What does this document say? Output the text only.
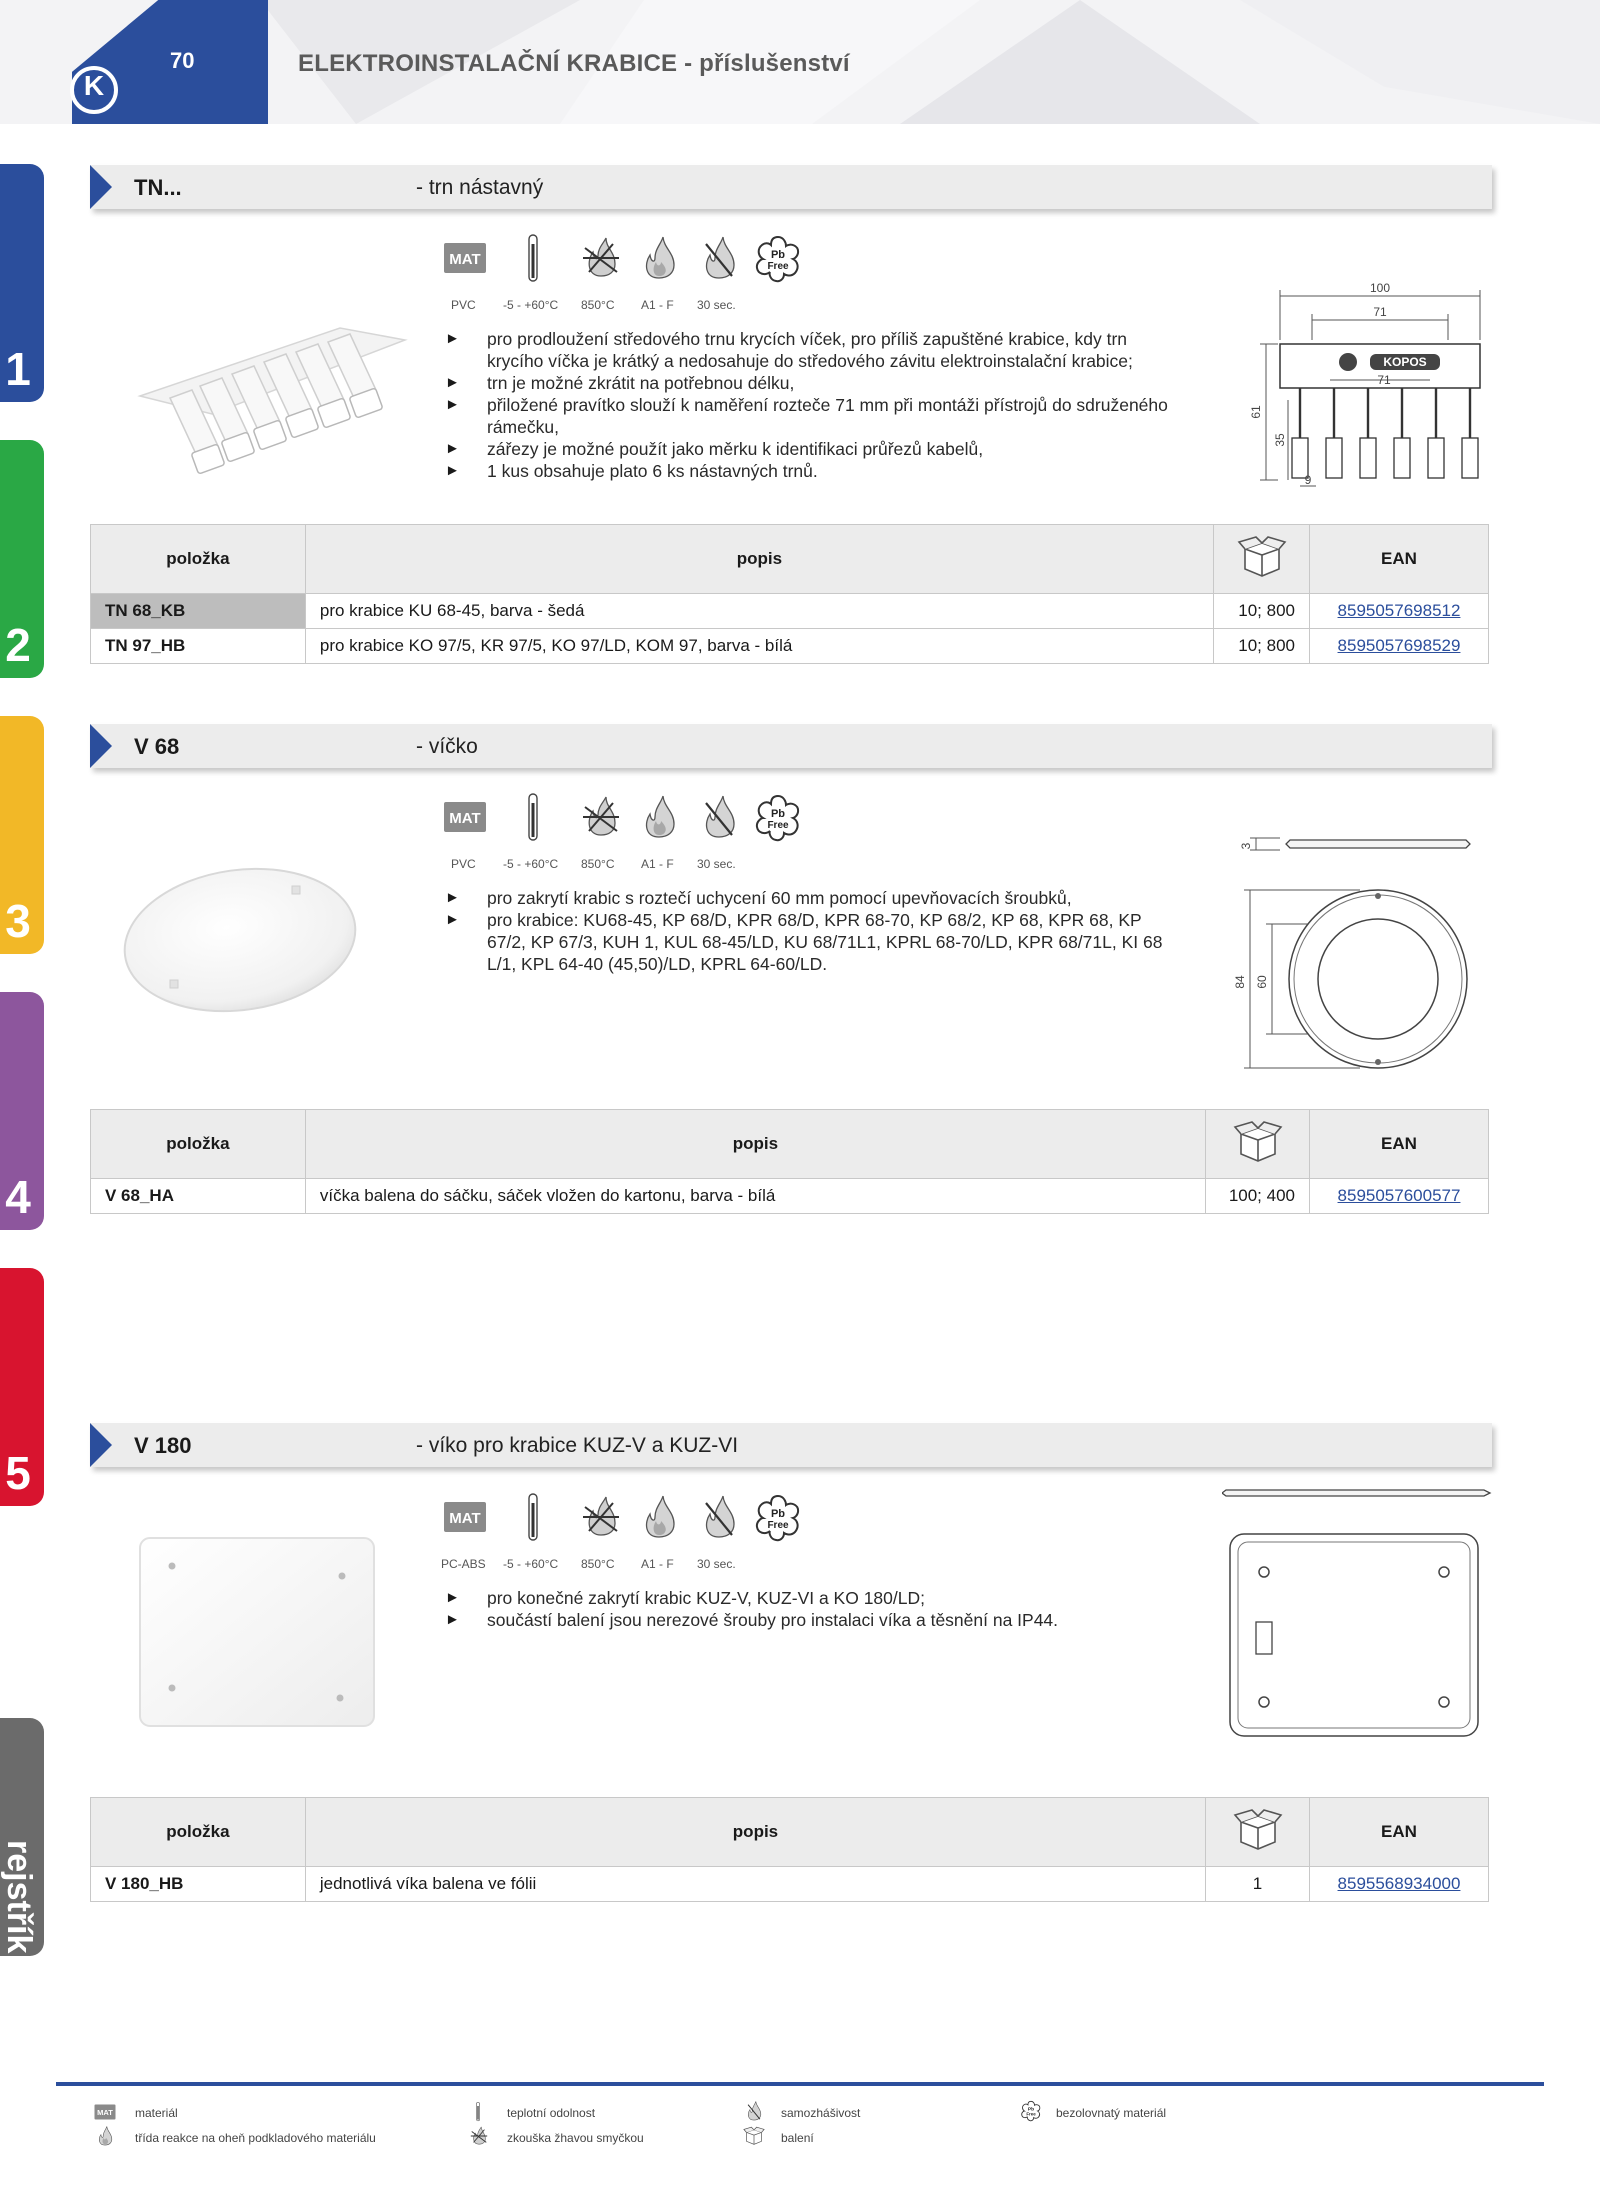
K
70	ELEKTROINSTALAČNÍ KRABICE - příslušenství
1
2
3
4
5
rejstřík
TN...	- trn nástavný
PVC -5 - +60°C 850°C A1 - F 30 sec.
► pro prodloužení středového trnu krycích víček, pro příliš zapuštěné krabice, kdy trn krycího víčka je krátký a nedosahuje do středového závitu elektroinstalační krabice;
► trn je možné zkrátit na potřebnou délku,
► přiložené pravítko slouží k naměření rozteče 71 mm při montáži přístrojů do sdruženého rámečku,
► zářezy je možné použít jako měrku k identifikaci průřezů kabelů,
► 1 kus obsahuje plato 6 ks nástavných trnů.
KOPOS
100
71
71
61
35
9
položka	popis		EAN
TN 68_KB	pro krabice KU 68-45, barva - šedá	10; 800	8595057698512
TN 97_HB	pro krabice KO 97/5, KR 97/5, KO 97/LD, KOM 97, barva - bílá	10; 800	8595057698529
V 68	- víčko
PVC -5 - +60°C 850°C A1 - F 30 sec.
► pro zakrytí krabic s roztečí uchycení 60 mm pomocí upevňovacích šroubků,
► pro krabice: KU68-45, KP 68/D, KPR 68/D, KPR 68-70, KP 68/2, KP 68, KPR 68, KP 67/2, KP 67/3, KUH 1, KUL 68-45/LD, KU 68/71L1, KPRL 68-70/LD, KPR 68/71L, KI 68 L/1, KPL 64-40 (45,50)/LD, KPRL 64-60/LD.
3
84 60
položka	popis		EAN
V 68_HA	víčka balena do sáčku, sáček vložen do kartonu, barva - bílá	100; 400	8595057600577
V 180	- víko pro krabice KUZ-V a KUZ-VI
PC-ABS -5 - +60°C 850°C A1 - F 30 sec.
► pro konečné zakrytí krabic KUZ-V, KUZ-VI a KO 180/LD;
► součástí balení jsou nerezové šrouby pro instalaci víka a těsnění na IP44.
položka	popis		EAN
V 180_HB	jednotlivá víka balena ve fólii	1	8595568934000
materiál	teplotní odolnost	samozhášivost	bezolovnatý materiál
třída reakce na oheň podkladového materiálu	zkouška žhavou smyčkou	balení
